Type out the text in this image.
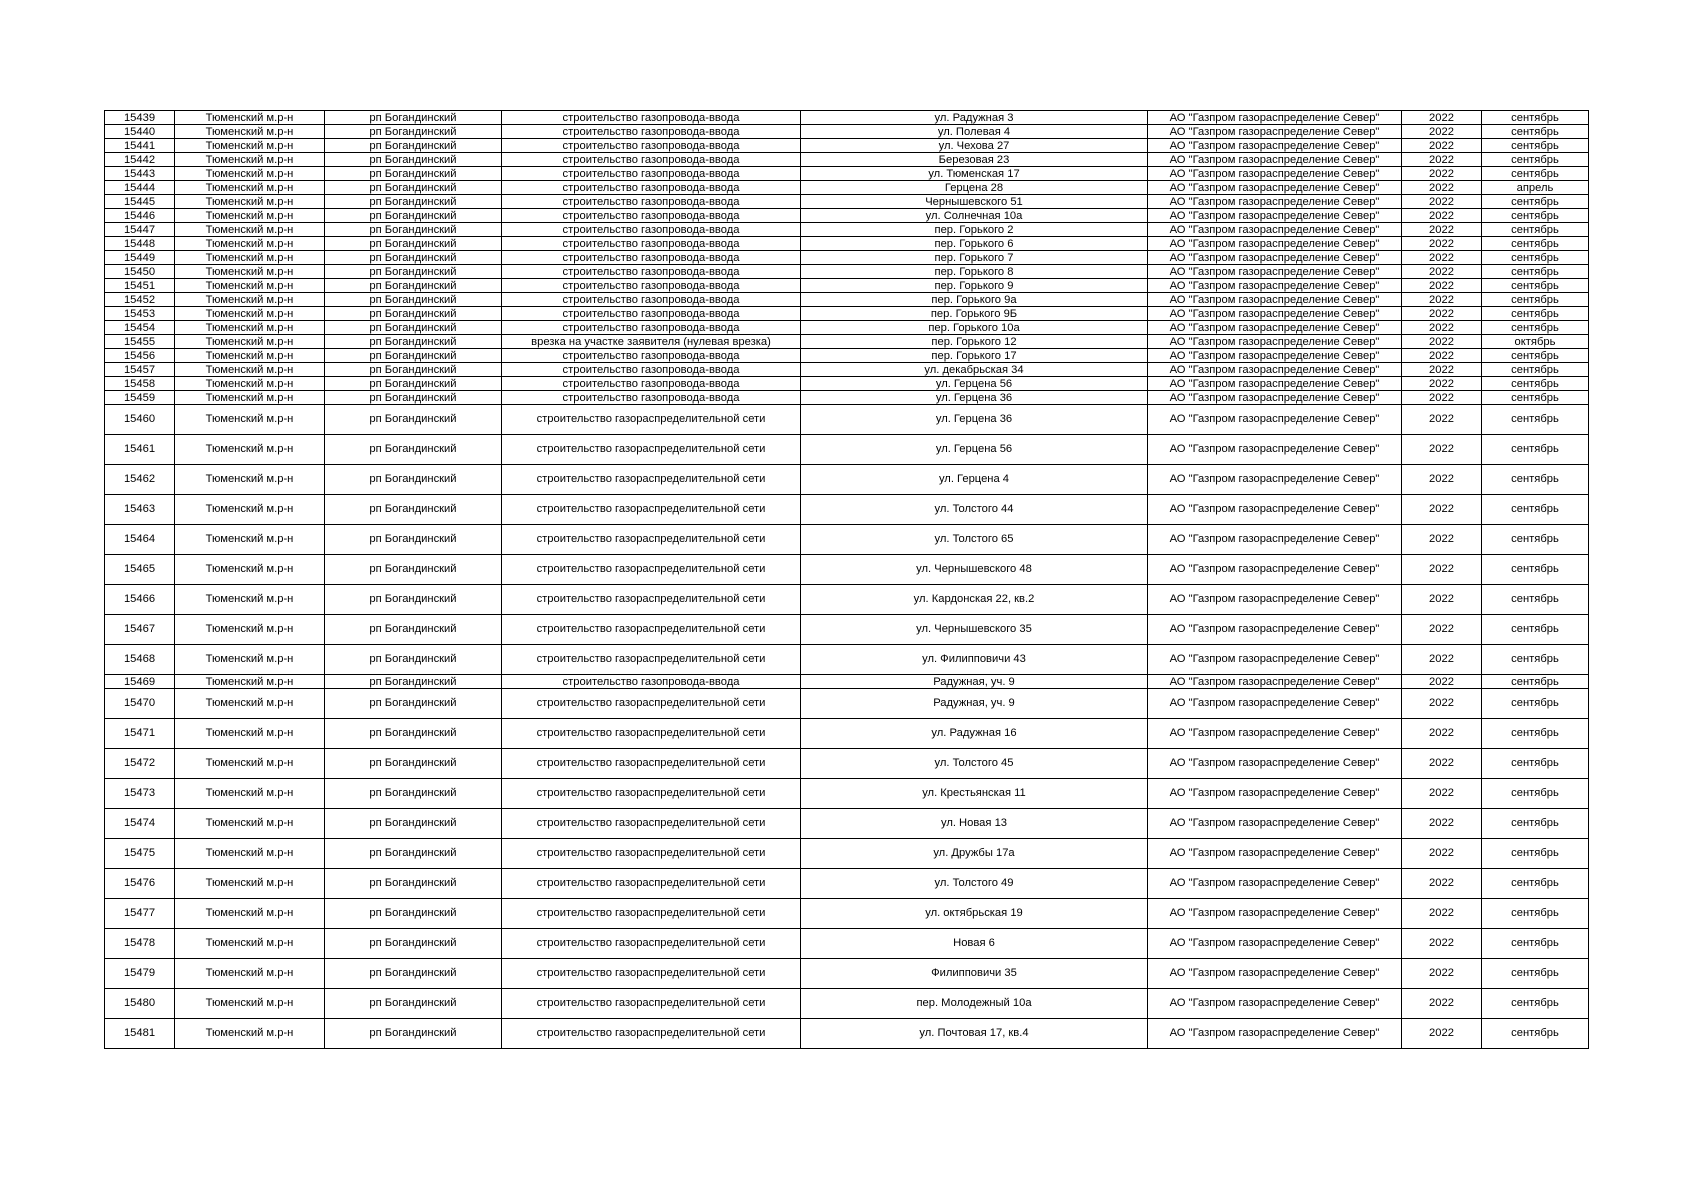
15439	Тюменский м.р-н	рп Богандинский	строительство газопровода-ввода	ул. Радужная 3	АО "Газпром газораспределение Север"	2022	сентябрь
15440	Тюменский м.р-н	рп Богандинский	строительство газопровода-ввода	ул. Полевая 4	АО "Газпром газораспределение Север"	2022	сентябрь
15441	Тюменский м.р-н	рп Богандинский	строительство газопровода-ввода	ул. Чехова 27	АО "Газпром газораспределение Север"	2022	сентябрь
15442	Тюменский м.р-н	рп Богандинский	строительство газопровода-ввода	Березовая 23	АО "Газпром газораспределение Север"	2022	сентябрь
15443	Тюменский м.р-н	рп Богандинский	строительство газопровода-ввода	ул. Тюменская 17	АО "Газпром газораспределение Север"	2022	сентябрь
15444	Тюменский м.р-н	рп Богандинский	строительство газопровода-ввода	Герцена 28	АО "Газпром газораспределение Север"	2022	апрель
15445	Тюменский м.р-н	рп Богандинский	строительство газопровода-ввода	Чернышевского 51	АО "Газпром газораспределение Север"	2022	сентябрь
15446	Тюменский м.р-н	рп Богандинский	строительство газопровода-ввода	ул. Солнечная 10а	АО "Газпром газораспределение Север"	2022	сентябрь
15447	Тюменский м.р-н	рп Богандинский	строительство газопровода-ввода	пер. Горького 2	АО "Газпром газораспределение Север"	2022	сентябрь
15448	Тюменский м.р-н	рп Богандинский	строительство газопровода-ввода	пер. Горького 6	АО "Газпром газораспределение Север"	2022	сентябрь
15449	Тюменский м.р-н	рп Богандинский	строительство газопровода-ввода	пер. Горького 7	АО "Газпром газораспределение Север"	2022	сентябрь
15450	Тюменский м.р-н	рп Богандинский	строительство газопровода-ввода	пер. Горького 8	АО "Газпром газораспределение Север"	2022	сентябрь
15451	Тюменский м.р-н	рп Богандинский	строительство газопровода-ввода	пер. Горького 9	АО "Газпром газораспределение Север"	2022	сентябрь
15452	Тюменский м.р-н	рп Богандинский	строительство газопровода-ввода	пер. Горького 9а	АО "Газпром газораспределение Север"	2022	сентябрь
15453	Тюменский м.р-н	рп Богандинский	строительство газопровода-ввода	пер. Горького 9Б	АО "Газпром газораспределение Север"	2022	сентябрь
15454	Тюменский м.р-н	рп Богандинский	строительство газопровода-ввода	пер. Горького 10а	АО "Газпром газораспределение Север"	2022	сентябрь
15455	Тюменский м.р-н	рп Богандинский	врезка на участке заявителя (нулевая врезка)	пер. Горького 12	АО "Газпром газораспределение Север"	2022	октябрь
15456	Тюменский м.р-н	рп Богандинский	строительство газопровода-ввода	пер. Горького 17	АО "Газпром газораспределение Север"	2022	сентябрь
15457	Тюменский м.р-н	рп Богандинский	строительство газопровода-ввода	ул. декабрьская 34	АО "Газпром газораспределение Север"	2022	сентябрь
15458	Тюменский м.р-н	рп Богандинский	строительство газопровода-ввода	ул. Герцена 56	АО "Газпром газораспределение Север"	2022	сентябрь
15459	Тюменский м.р-н	рп Богандинский	строительство газопровода-ввода	ул. Герцена 36	АО "Газпром газораспределение Север"	2022	сентябрь
15460	Тюменский м.р-н	рп Богандинский	строительство газораспределительной сети	ул. Герцена 36	АО "Газпром газораспределение Север"	2022	сентябрь
15461	Тюменский м.р-н	рп Богандинский	строительство газораспределительной сети	ул. Герцена 56	АО "Газпром газораспределение Север"	2022	сентябрь
15462	Тюменский м.р-н	рп Богандинский	строительство газораспределительной сети	ул. Герцена 4	АО "Газпром газораспределение Север"	2022	сентябрь
15463	Тюменский м.р-н	рп Богандинский	строительство газораспределительной сети	ул. Толстого 44	АО "Газпром газораспределение Север"	2022	сентябрь
15464	Тюменский м.р-н	рп Богандинский	строительство газораспределительной сети	ул. Толстого 65	АО "Газпром газораспределение Север"	2022	сентябрь
15465	Тюменский м.р-н	рп Богандинский	строительство газораспределительной сети	ул. Чернышевского 48	АО "Газпром газораспределение Север"	2022	сентябрь
15466	Тюменский м.р-н	рп Богандинский	строительство газораспределительной сети	ул. Кардонская 22, кв.2	АО "Газпром газораспределение Север"	2022	сентябрь
15467	Тюменский м.р-н	рп Богандинский	строительство газораспределительной сети	ул. Чернышевского 35	АО "Газпром газораспределение Север"	2022	сентябрь
15468	Тюменский м.р-н	рп Богандинский	строительство газораспределительной сети	ул. Филипповичи 43	АО "Газпром газораспределение Север"	2022	сентябрь
15469	Тюменский м.р-н	рп Богандинский	строительство газопровода-ввода	Радужная, уч. 9	АО "Газпром газораспределение Север"	2022	сентябрь
15470	Тюменский м.р-н	рп Богандинский	строительство газораспределительной сети	Радужная, уч. 9	АО "Газпром газораспределение Север"	2022	сентябрь
15471	Тюменский м.р-н	рп Богандинский	строительство газораспределительной сети	ул. Радужная 16	АО "Газпром газораспределение Север"	2022	сентябрь
15472	Тюменский м.р-н	рп Богандинский	строительство газораспределительной сети	ул. Толстого 45	АО "Газпром газораспределение Север"	2022	сентябрь
15473	Тюменский м.р-н	рп Богандинский	строительство газораспределительной сети	ул. Крестьянская 11	АО "Газпром газораспределение Север"	2022	сентябрь
15474	Тюменский м.р-н	рп Богандинский	строительство газораспределительной сети	ул. Новая 13	АО "Газпром газораспределение Север"	2022	сентябрь
15475	Тюменский м.р-н	рп Богандинский	строительство газораспределительной сети	ул. Дружбы 17а	АО "Газпром газораспределение Север"	2022	сентябрь
15476	Тюменский м.р-н	рп Богандинский	строительство газораспределительной сети	ул. Толстого 49	АО "Газпром газораспределение Север"	2022	сентябрь
15477	Тюменский м.р-н	рп Богандинский	строительство газораспределительной сети	ул. октябрьская 19	АО "Газпром газораспределение Север"	2022	сентябрь
15478	Тюменский м.р-н	рп Богандинский	строительство газораспределительной сети	Новая 6	АО "Газпром газораспределение Север"	2022	сентябрь
15479	Тюменский м.р-н	рп Богандинский	строительство газораспределительной сети	Филипповичи 35	АО "Газпром газораспределение Север"	2022	сентябрь
15480	Тюменский м.р-н	рп Богандинский	строительство газораспределительной сети	пер. Молодежный 10а	АО "Газпром газораспределение Север"	2022	сентябрь
15481	Тюменский м.р-н	рп Богандинский	строительство газораспределительной сети	ул. Почтовая 17, кв.4	АО "Газпром газораспределение Север"	2022	сентябрь
